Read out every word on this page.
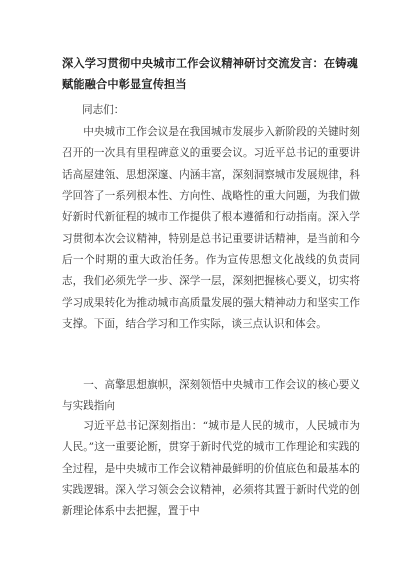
深入学习贯彻中央城市工作会议精神研讨交流发言：在铸魂赋能融合中彰显宣传担当

同志们：

中央城市工作会议是在我国城市发展步入新阶段的关键时刻召开的一次具有里程碑意义的重要会议。习近平总书记的重要讲话高屋建瓴、思想深邃、内涵丰富，深刻洞察城市发展规律，科学回答了一系列根本性、方向性、战略性的重大问题，为我们做好新时代新征程的城市工作提供了根本遵循和行动指南。深入学习贯彻本次会议精神，特别是总书记重要讲话精神，是当前和今后一个时期的重大政治任务。作为宣传思想文化战线的负责同志，我们必须先学一步、深学一层，深刻把握核心要义，切实将学习成果转化为推动城市高质量发展的强大精神动力和坚实工作支撑。下面，结合学习和工作实际，谈三点认识和体会。

一、高擎思想旗帜，深刻领悟中央城市工作会议的核心要义与实践指向

习近平总书记深刻指出：“城市是人民的城市，人民城市为人民。”这一重要论断，贯穿于新时代党的城市工作理论和实践的全过程，是中央城市工作会议精神最鲜明的价值底色和最基本的实践逻辑。深入学习领会会议精神，必须将其置于新时代党的创新理论体系中去把握，置于中
